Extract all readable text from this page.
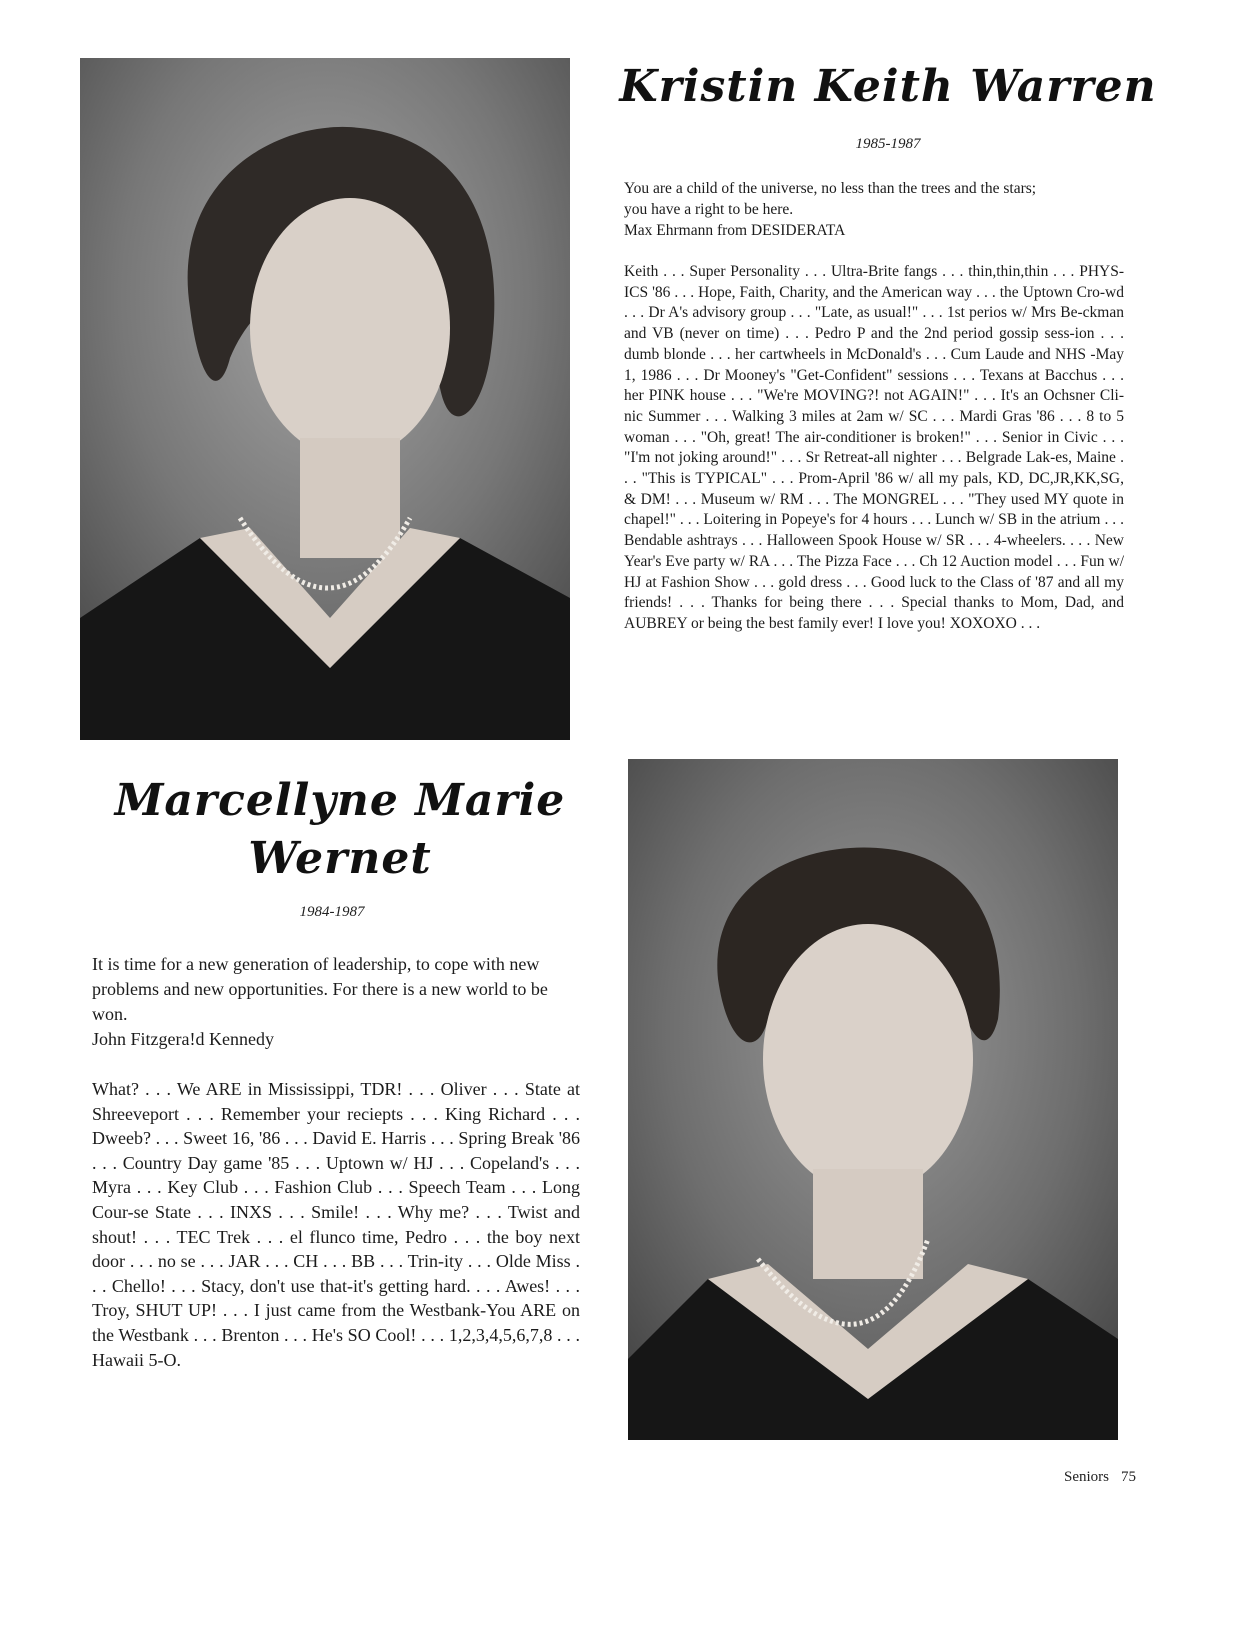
Kristin Keith Warren
1985-1987

You are a child of the universe, no less than the trees and the stars;
you have a right to be here.
Max Ehrmann from DESIDERATA

Keith . . . Super Personality . . . Ultra-Brite fangs . . . thin,thin,thin . . . PHYS-ICS '86 . . . Hope, Faith, Charity, and the American way . . . the Uptown Cro-wd . . . Dr A's advisory group . . . "Late, as usual!" . . . 1st perios w/ Mrs Be-ckman and VB (never on time) . . . Pedro P and the 2nd period gossip sess-ion . . . dumb blonde . . . her cartwheels in McDonald's . . . Cum Laude and NHS -May 1, 1986 . . . Dr Mooney's "Get-Confident" sessions . . . Texans at Bacchus . . . her PINK house . . . "We're MOVING?! not AGAIN!" . . . It's an Ochsner Cli-nic Summer . . . Walking 3 miles at 2am w/ SC . . . Mardi Gras '86 . . . 8 to 5 woman . . . "Oh, great! The air-conditioner is broken!" . . . Senior in Civic . . . "I'm not joking around!" . . . Sr Retreat-all nighter . . . Belgrade Lak-es, Maine . . . "This is TYPICAL" . . . Prom-April '86 w/ all my pals, KD, DC,JR,KK,SG, & DM! . . . Museum w/ RM . . . The MONGREL . . . "They used MY quote in chapel!" . . . Loitering in Popeye's for 4 hours . . . Lunch w/ SB in the atrium . . . Bendable ashtrays . . . Halloween Spook House w/ SR . . . 4-wheelers. . . . New Year's Eve party w/ RA . . . The Pizza Face . . . Ch 12 Auction model . . . Fun w/ HJ at Fashion Show . . . gold dress . . . Good luck to the Class of '87 and all my friends! . . . Thanks for being there . . . Special thanks to Mom, Dad, and AUBREY or being the best family ever! I love you! XOXOXO . . .

Marcellyne Marie
Wernet
1984-1987

It is time for a new generation of leadership, to cope with new problems and new opportunities. For there is a new world to be won.
John Fitzgera!d Kennedy

What? . . . We ARE in Mississippi, TDR! . . . Oliver . . . State at Shreeveport . . . Remember your reciepts . . . King Richard . . . Dweeb? . . . Sweet 16, '86 . . . David E. Harris . . . Spring Break '86 . . . Country Day game '85 . . . Uptown w/ HJ . . . Copeland's . . . Myra . . . Key Club . . . Fashion Club . . . Speech Team . . . Long Cour-se State . . . INXS . . . Smile! . . . Why me? . . . Twist and shout! . . . TEC Trek . . . el flunco time, Pedro . . . the boy next door . . . no se . . . JAR . . . CH . . . BB . . . Trin-ity . . . Olde Miss . . . Chello! . . . Stacy, don't use that-it's getting hard. . . . Awes! . . . Troy, SHUT UP! . . . I just came from the Westbank-You ARE on the Westbank . . . Brenton . . . He's SO Cool! . . . 1,2,3,4,5,6,7,8 . . . Hawaii 5-O.

Seniors 75
